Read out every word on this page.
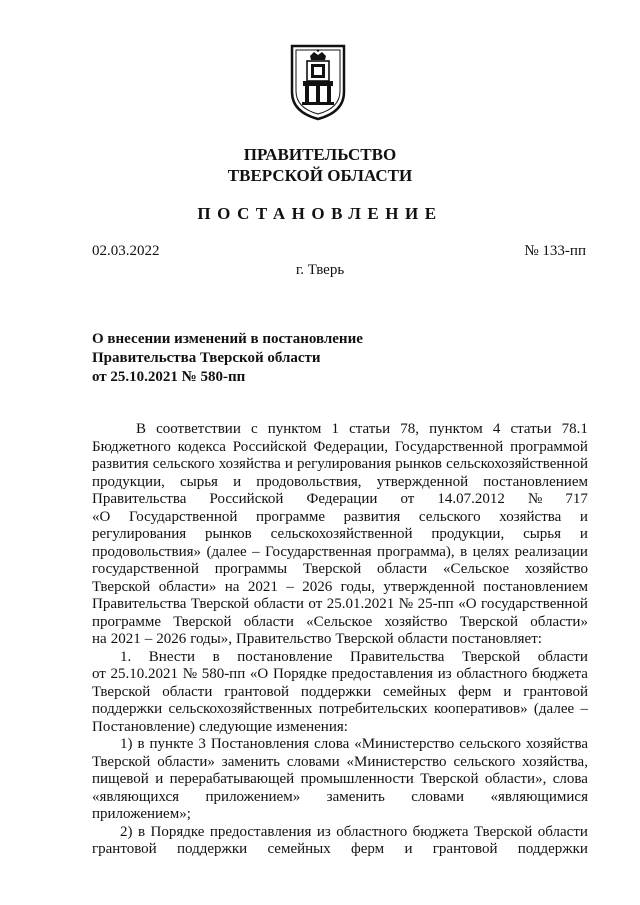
ПРАВИТЕЛЬСТВО
ТВЕРСКОЙ ОБЛАСТИ
ПОСТАНОВЛЕНИЕ
02.03.2022	№ 133-пп
г. Тверь
О внесении изменений в постановление
Правительства Тверской области
от 25.10.2021 № 580-пп
В соответствии с пунктом 1 статьи 78, пунктом 4 статьи 78.1
Бюджетного кодекса Российской Федерации, Государственной программой
развития сельского хозяйства и регулирования рынков сельскохозяйственной
продукции, сырья и продовольствия, утвержденной постановлением
Правительства Российской Федерации от 14.07.2012 № 717
«О Государственной программе развития сельского хозяйства и
регулирования рынков сельскохозяйственной продукции, сырья и
продовольствия» (далее – Государственная программа), в целях реализации
государственной программы Тверской области «Сельское хозяйство
Тверской области» на 2021 – 2026 годы, утвержденной постановлением
Правительства Тверской области от 25.01.2021 № 25-пп «О государственной
программе Тверской области «Сельское хозяйство Тверской области»
на 2021 – 2026 годы», Правительство Тверской области постановляет:
1. Внести в постановление Правительства Тверской области
от 25.10.2021 № 580-пп «О Порядке предоставления из областного бюджета
Тверской области грантовой поддержки семейных ферм и грантовой
поддержки сельскохозяйственных потребительских кооперативов» (далее –
Постановление) следующие изменения:
1) в пункте 3 Постановления слова «Министерство сельского хозяйства
Тверской области» заменить словами «Министерство сельского хозяйства,
пищевой и перерабатывающей промышленности Тверской области», слова
«являющихся приложением» заменить словами «являющимися
приложением»;
2) в Порядке предоставления из областного бюджета Тверской области
грантовой поддержки семейных ферм и грантовой поддержки
